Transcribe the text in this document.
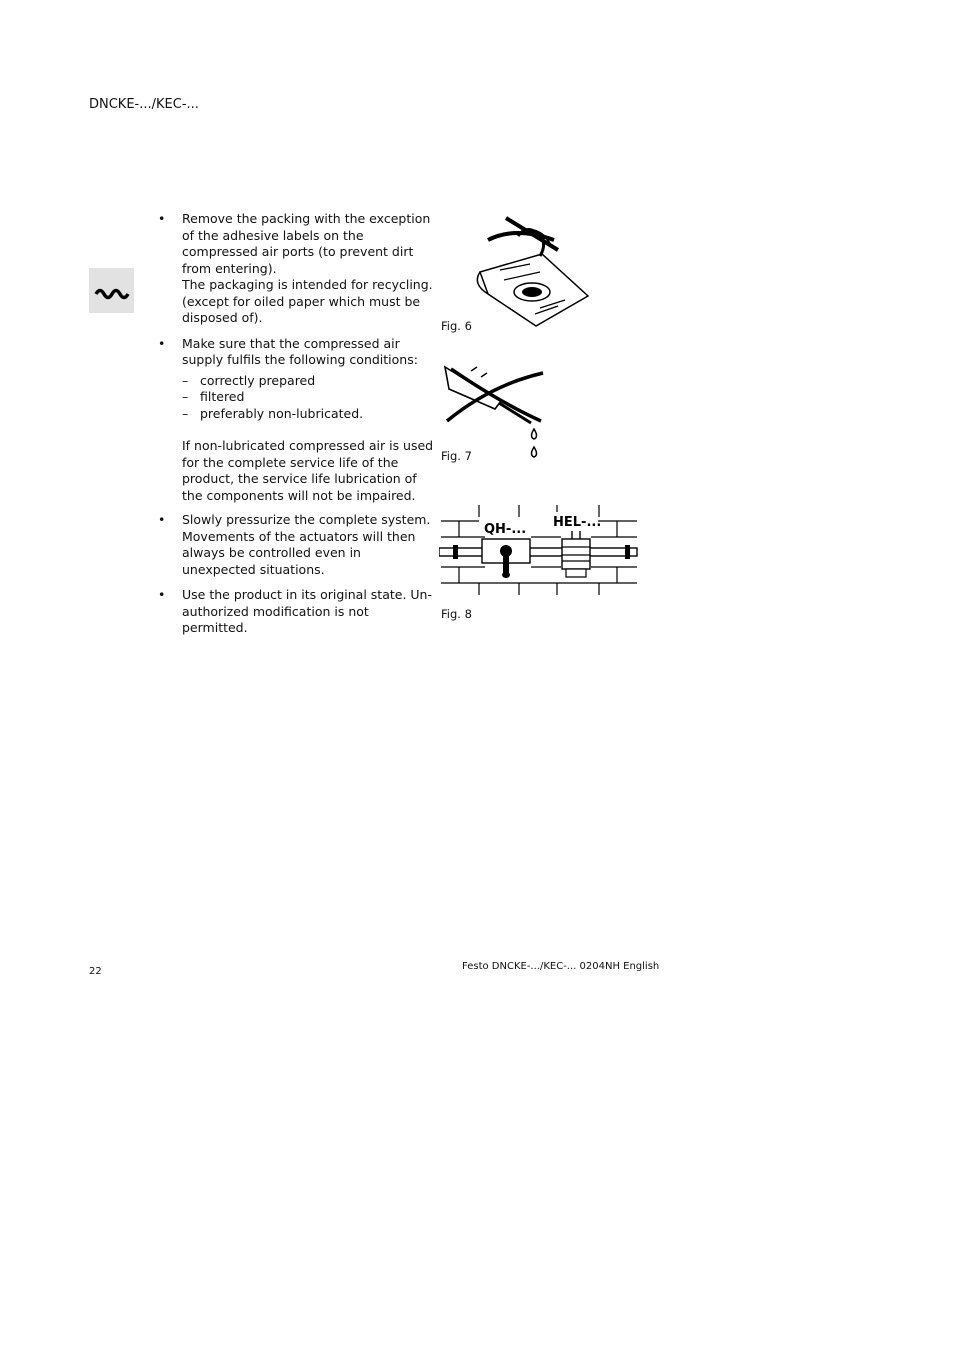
DNCKE-.../KEC-...
• Remove the packing with the exception of the adhesive labels on the compressed air ports (to prevent dirt from entering).

The packaging is intended for recycling. (except for oiled paper which must be disposed of).

• Make sure that the compressed air supply fulfils the following conditions:

– correctly prepared
– filtered
– preferably non-lubricated.

If non-lubricated compressed air is used for the complete service life of the product, the service life lubrication of the components will not be impaired.

• Slowly pressurize the complete system.

Movements of the actuators will then always be controlled even in unexpected situations.

• Use the product in its original state. Unauthorized modification is not permitted.

Fig. 6
Fig. 7
QH-... HEL-...
Fig. 8
22	Festo DNCKE-.../KEC-... 0204NH English
